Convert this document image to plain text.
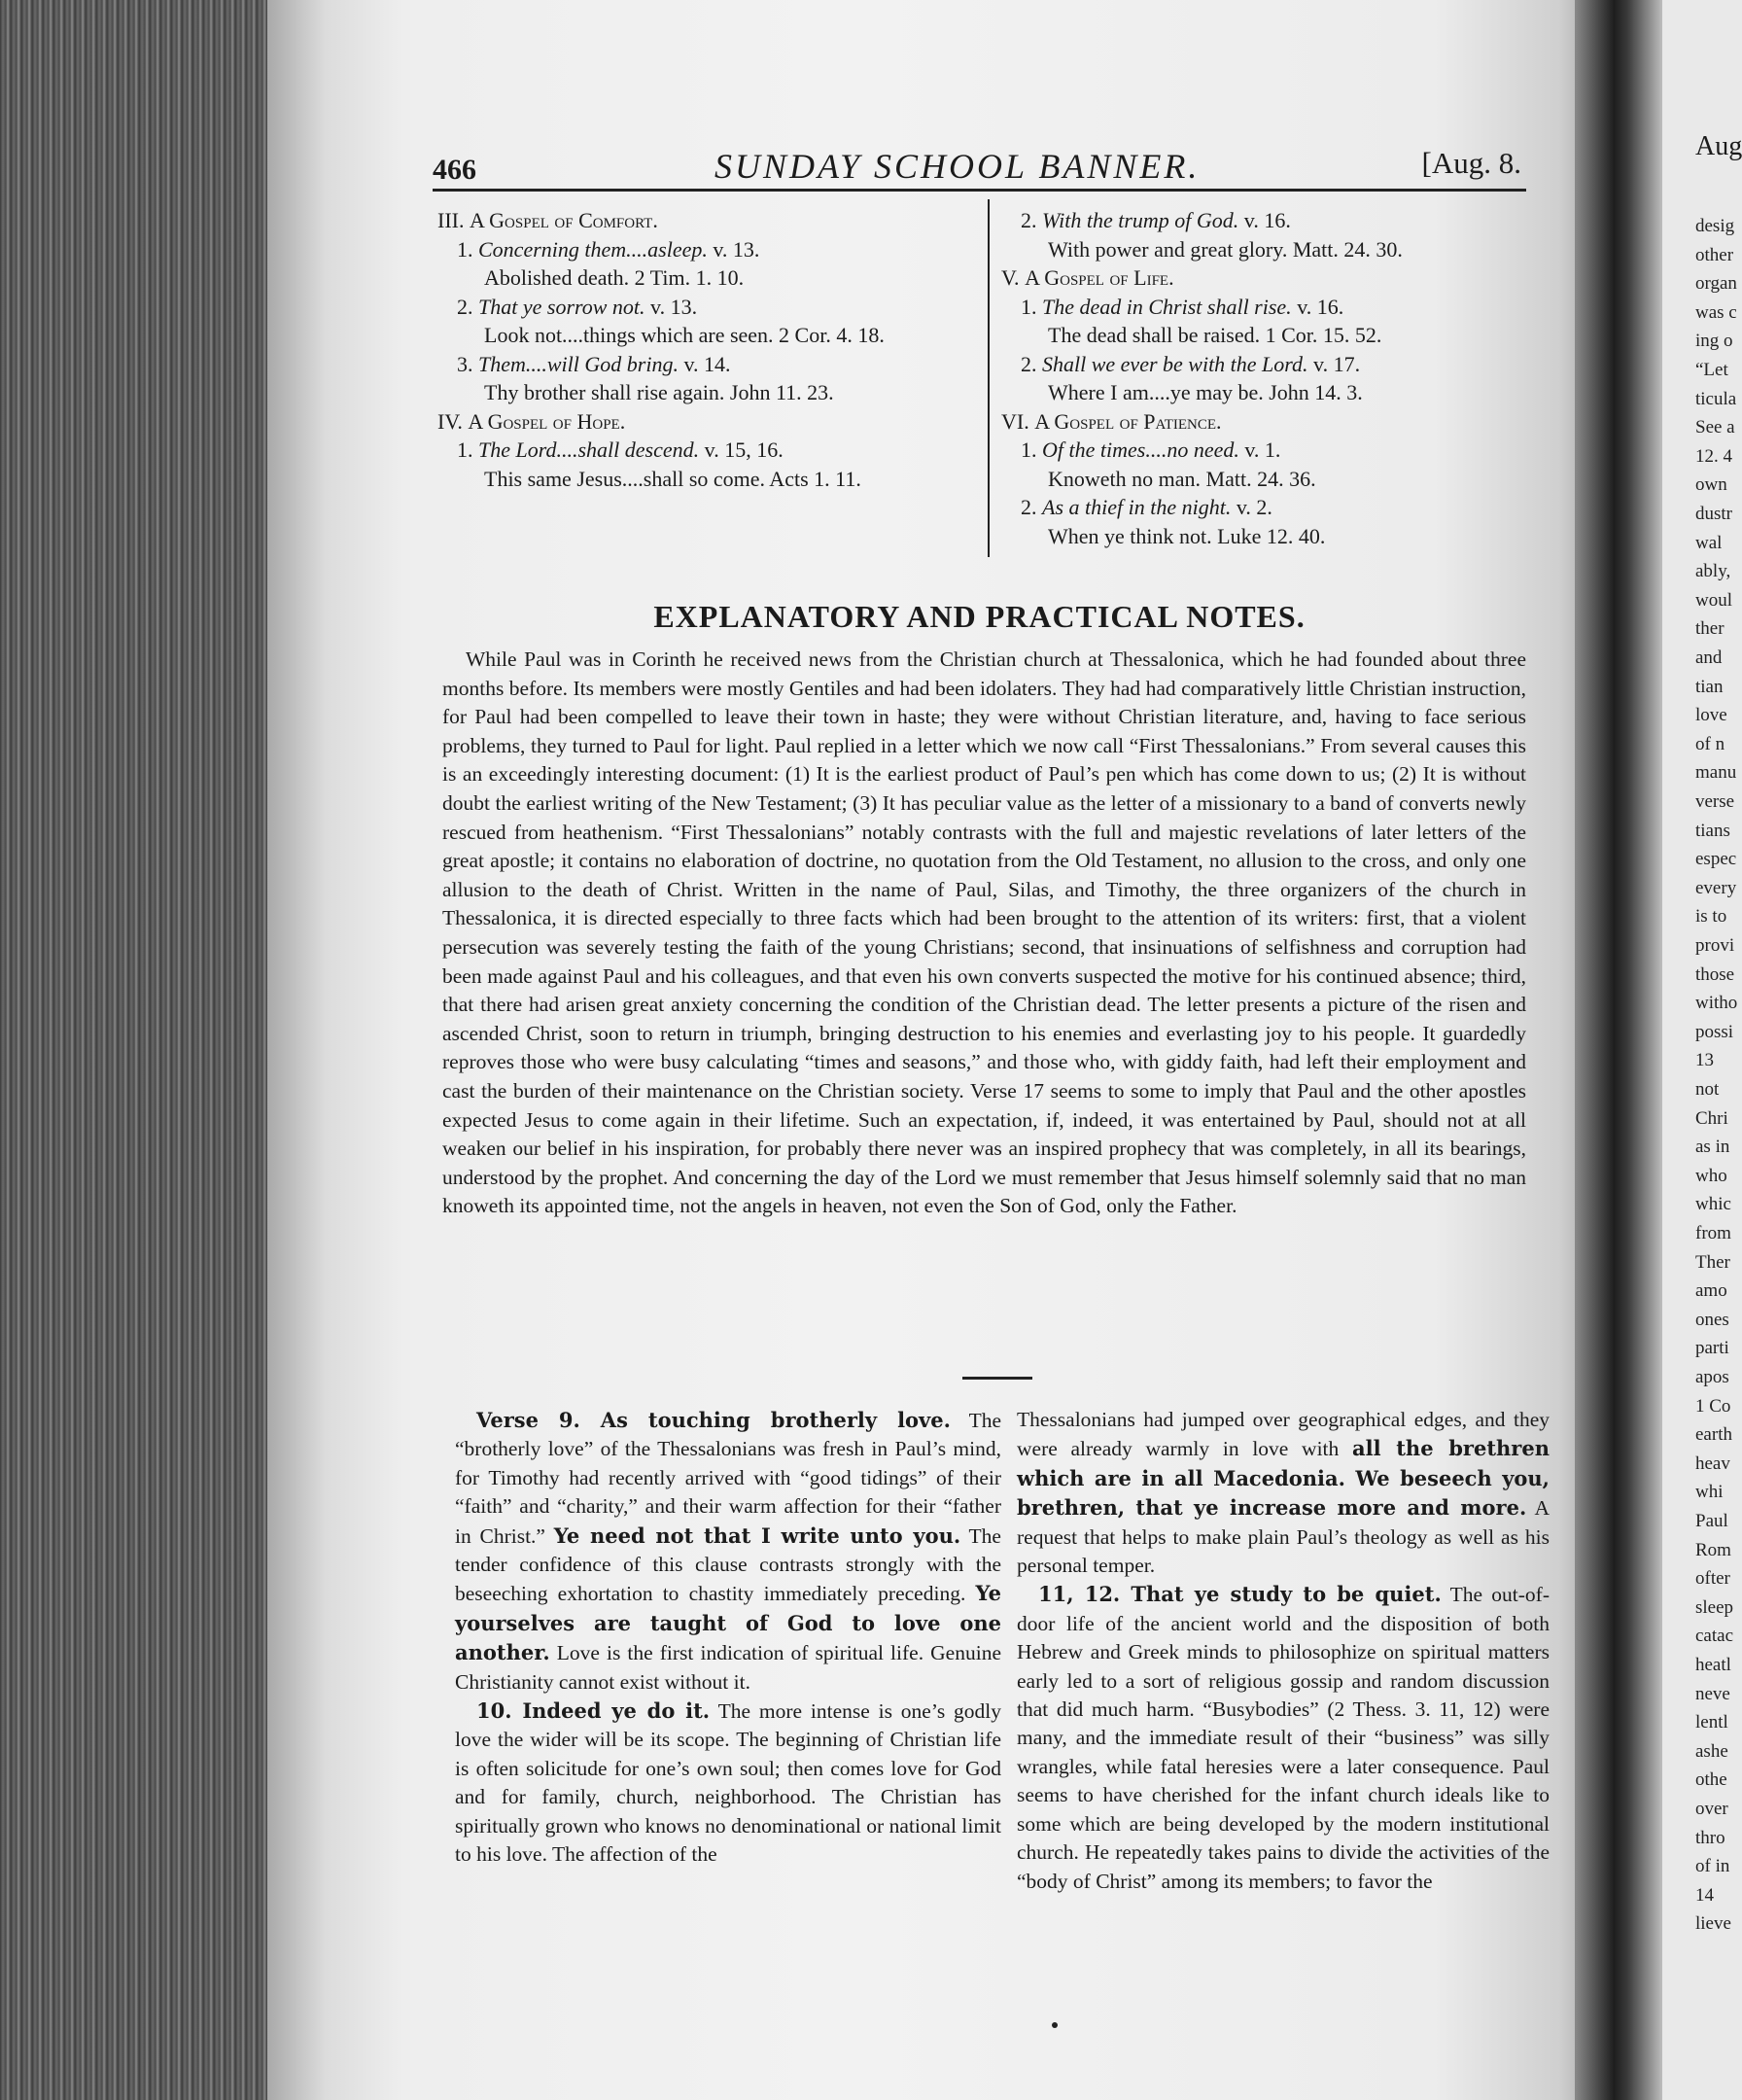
Aug
desig
other
organ
was c
ing o
“Let
ticula
See a
12. 4
own
dustr
wal
ably,
woul
ther
and
tian
love
of n
manu
verse
tians
espec
every
is to
provi
those
witho
possi
13
not
Chri
as in
who
whic
from
Ther
amo
ones
parti
apos
1 Co
earth
heav
whi
Paul
Rom
ofter
sleep
catac
heatl
neve
lentl
ashe
othe
over
thro
of in
14
lieve
466	SUNDAY SCHOOL BANNER.	[Aug. 8.
III. A Gospel of Comfort.
1. Concerning them....asleep. v. 13.
Abolished death. 2 Tim. 1. 10.
2. That ye sorrow not. v. 13.
Look not....things which are seen. 2 Cor. 4. 18.
3. Them....will God bring. v. 14.
Thy brother shall rise again. John 11. 23.
IV. A Gospel of Hope.
1. The Lord....shall descend. v. 15, 16.
This same Jesus....shall so come. Acts 1. 11.
2. With the trump of God. v. 16.
With power and great glory. Matt. 24. 30.
V. A Gospel of Life.
1. The dead in Christ shall rise. v. 16.
The dead shall be raised. 1 Cor. 15. 52.
2. Shall we ever be with the Lord. v. 17.
Where I am....ye may be. John 14. 3.
VI. A Gospel of Patience.
1. Of the times....no need. v. 1.
Knoweth no man. Matt. 24. 36.
2. As a thief in the night. v. 2.
When ye think not. Luke 12. 40.
EXPLANATORY AND PRACTICAL NOTES.
While Paul was in Corinth he received news from the Christian church at Thessalonica, which he had founded about three months before. Its members were mostly Gentiles and had been idolaters. They had had comparatively little Christian instruction, for Paul had been compelled to leave their town in haste; they were without Christian literature, and, having to face serious problems, they turned to Paul for light. Paul replied in a letter which we now call “First Thessalonians.” From several causes this is an exceedingly interesting document: (1) It is the earliest product of Paul’s pen which has come down to us; (2) It is without doubt the earliest writing of the New Testament; (3) It has peculiar value as the letter of a missionary to a band of converts newly rescued from heathenism. “First Thessalonians” notably contrasts with the full and majestic revelations of later letters of the great apostle; it contains no elaboration of doctrine, no quotation from the Old Testament, no allusion to the cross, and only one allusion to the death of Christ. Written in the name of Paul, Silas, and Timothy, the three organizers of the church in Thessalonica, it is directed especially to three facts which had been brought to the attention of its writers: first, that a violent persecution was severely testing the faith of the young Christians; second, that insinuations of selfishness and corruption had been made against Paul and his colleagues, and that even his own converts suspected the motive for his continued absence; third, that there had arisen great anxiety concerning the condition of the Christian dead. The letter presents a picture of the risen and ascended Christ, soon to return in triumph, bringing destruction to his enemies and everlasting joy to his people. It guardedly reproves those who were busy calculating “times and seasons,” and those who, with giddy faith, had left their employment and cast the burden of their maintenance on the Christian society. Verse 17 seems to some to imply that Paul and the other apostles expected Jesus to come again in their lifetime. Such an expectation, if, indeed, it was entertained by Paul, should not at all weaken our belief in his inspiration, for probably there never was an inspired prophecy that was completely, in all its bearings, understood by the prophet. And concerning the day of the Lord we must remember that Jesus himself solemnly said that no man knoweth its appointed time, not the angels in heaven, not even the Son of God, only the Father.

Verse 9. As touching brotherly love. The “brotherly love” of the Thessalonians was fresh in Paul’s mind, for Timothy had recently arrived with “good tidings” of their “faith” and “charity,” and their warm affection for their “father in Christ.” Ye need not that I write unto you. The tender confidence of this clause contrasts strongly with the beseeching exhortation to chastity immediately preceding. Ye yourselves are taught of God to love one another. Love is the first indication of spiritual life. Genuine Christianity cannot exist without it.

10. Indeed ye do it. The more intense is one’s godly love the wider will be its scope. The beginning of Christian life is often solicitude for one’s own soul; then comes love for God and for family, church, neighborhood. The Christian has spiritually grown who knows no denominational or national limit to his love. The affection of the

Thessalonians had jumped over geographical edges, and they were already warmly in love with all the brethren which are in all Macedonia. We beseech you, brethren, that ye increase more and more. A request that helps to make plain Paul’s theology as well as his personal temper.

11, 12. That ye study to be quiet. The out-of-door life of the ancient world and the disposition of both Hebrew and Greek minds to philosophize on spiritual matters early led to a sort of religious gossip and random discussion that did much harm. “Busybodies” (2 Thess. 3. 11, 12) were many, and the immediate result of their “business” was silly wrangles, while fatal heresies were a later consequence. Paul seems to have cherished for the infant church ideals like to some which are being developed by the modern institutional church. He repeatedly takes pains to divide the activities of the “body of Christ” among its members; to favor the
